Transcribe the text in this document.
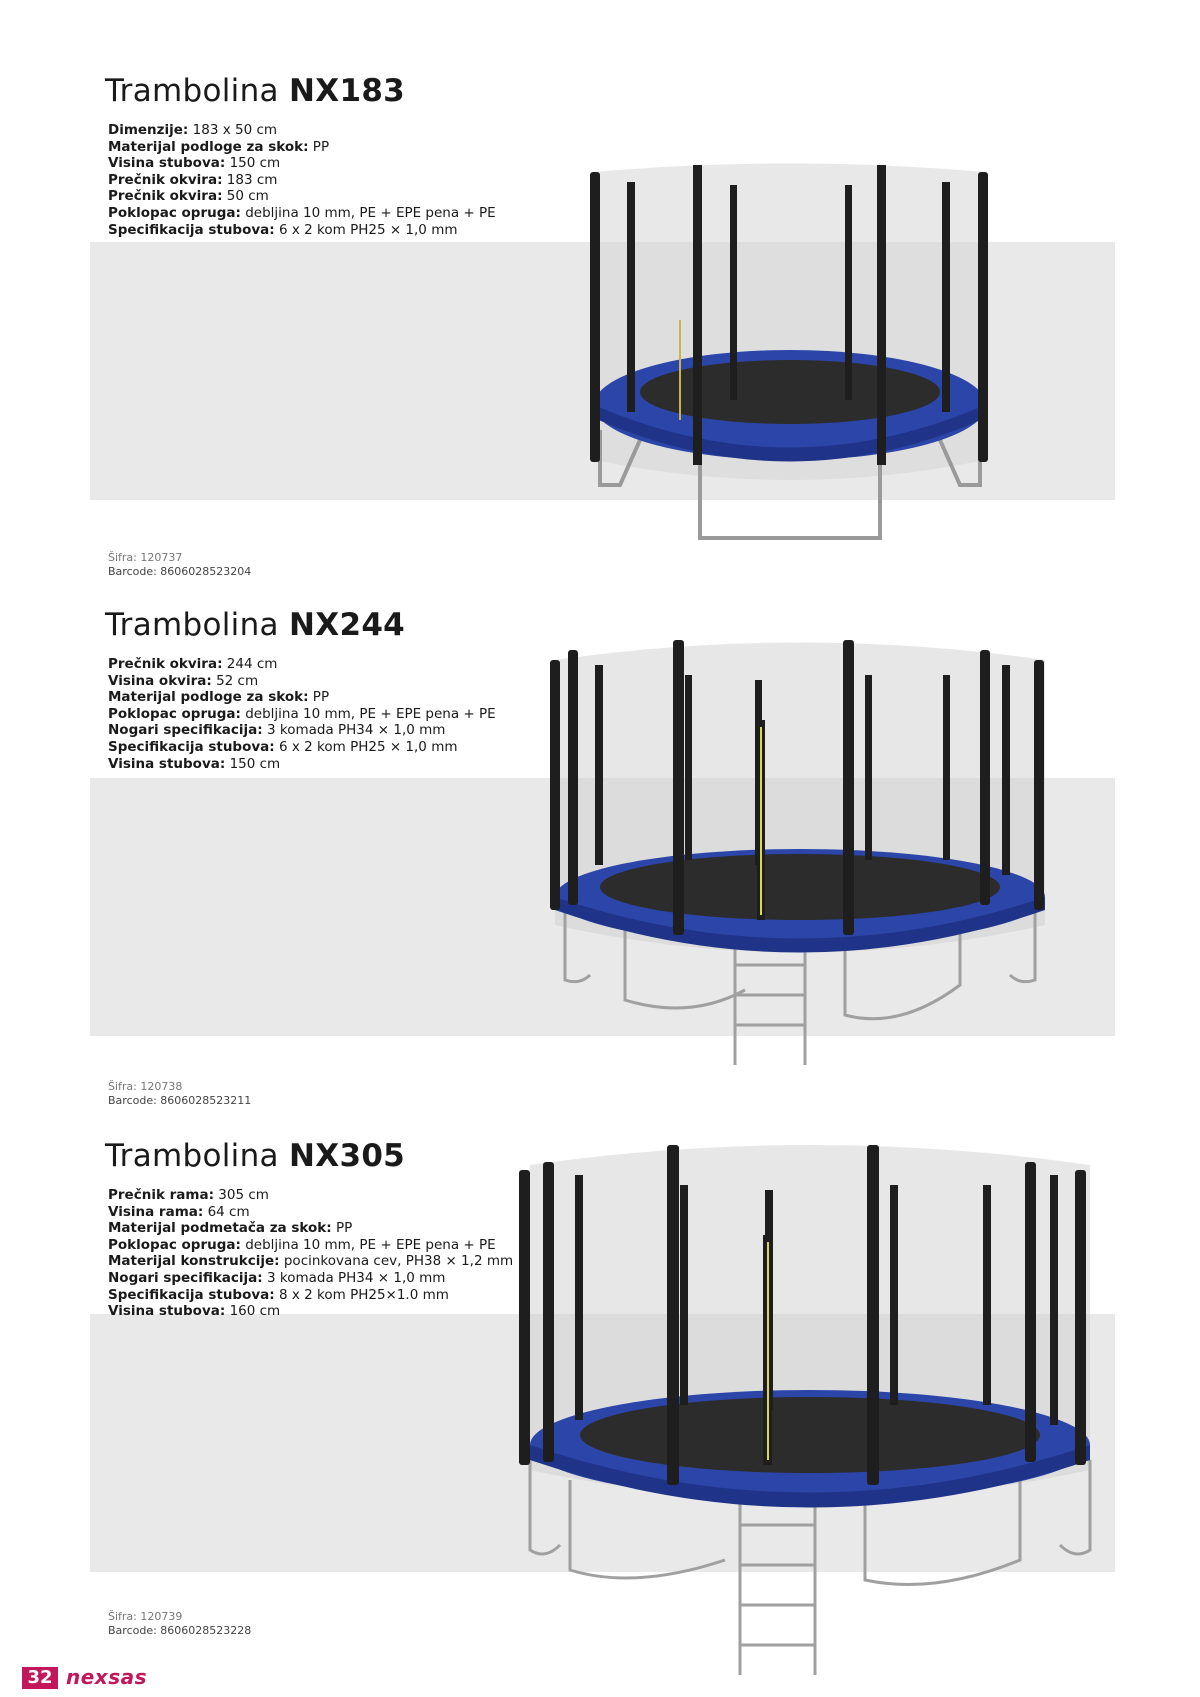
Trambolina NX183
Dimenzije: 183 x 50 cm
Materijal podloge za skok: PP
Visina stubova: 150 cm
Prečnik okvira: 183 cm
Prečnik okvira: 50 cm
Poklopac opruga: debljina 10 mm, PE + EPE pena + PE
Specifikacija stubova: 6 x 2 kom PH25 × 1,0 mm
Šifra: 120737
Barcode: 8606028523204
Trambolina NX244
Prečnik okvira: 244 cm
Visina okvira: 52 cm
Materijal podloge za skok: PP
Poklopac opruga: debljina 10 mm, PE + EPE pena + PE
Nogari specifikacija: 3 komada PH34 × 1,0 mm
Specifikacija stubova: 6 x 2 kom PH25 × 1,0 mm
Visina stubova: 150 cm
Šifra: 120738
Barcode: 8606028523211
Trambolina NX305
Prečnik rama: 305 cm
Visina rama: 64 cm
Materijal podmetača za skok: PP
Poklopac opruga: debljina 10 mm, PE + EPE pena + PE
Materijal konstrukcije: pocinkovana cev, PH38 × 1,2 mm
Nogari specifikacija: 3 komada PH34 × 1,0 mm
Specifikacija stubova: 8 x 2 kom PH25×1.0 mm
Visina stubova: 160 cm
Šifra: 120739
Barcode: 8606028523228
32 nexsas
